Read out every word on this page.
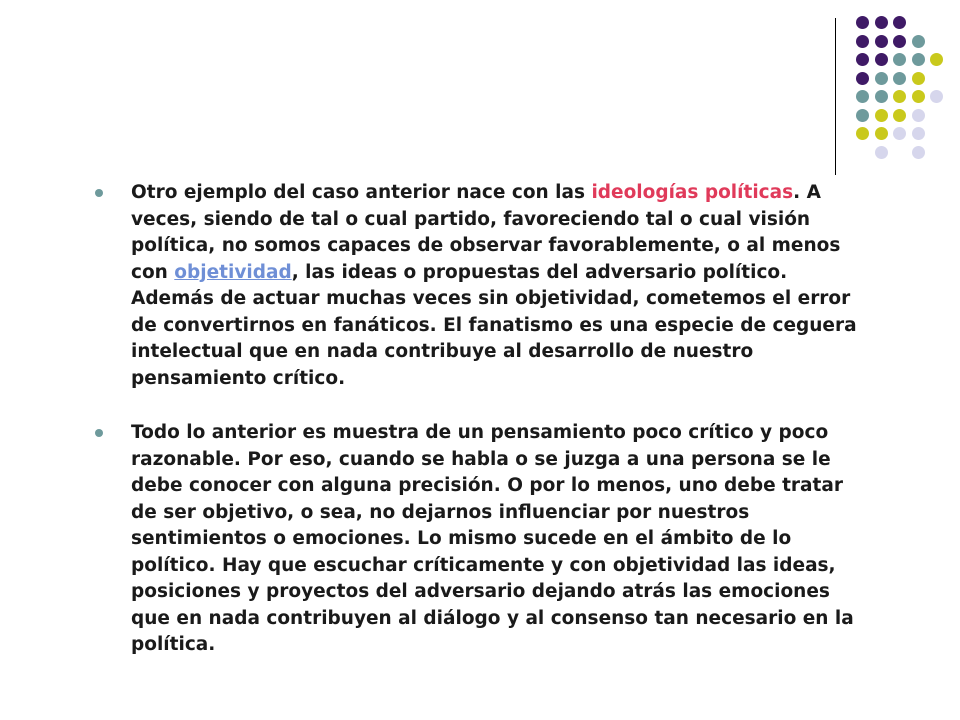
Otro ejemplo del caso anterior nace con las ideologías políticas. A veces, siendo de tal o cual partido, favoreciendo tal o cual visión política, no somos capaces de observar favorablemente, o al menos con objetividad, las ideas o propuestas del adversario político. Además de actuar muchas veces sin objetividad, cometemos el error de convertirnos en fanáticos. El fanatismo es una especie de ceguera intelectual que en nada contribuye al desarrollo de nuestro pensamiento crítico.

Todo lo anterior es muestra de un pensamiento poco crítico y poco razonable. Por eso, cuando se habla o se juzga a una persona se le debe conocer con alguna precisión. O por lo menos, uno debe tratar de ser objetivo, o sea, no dejarnos influenciar por nuestros sentimientos o emociones. Lo mismo sucede en el ámbito de lo político. Hay que escuchar críticamente y con objetividad las ideas, posiciones y proyectos del adversario dejando atrás las emociones que en nada contribuyen al diálogo y al consenso tan necesario en la política.
